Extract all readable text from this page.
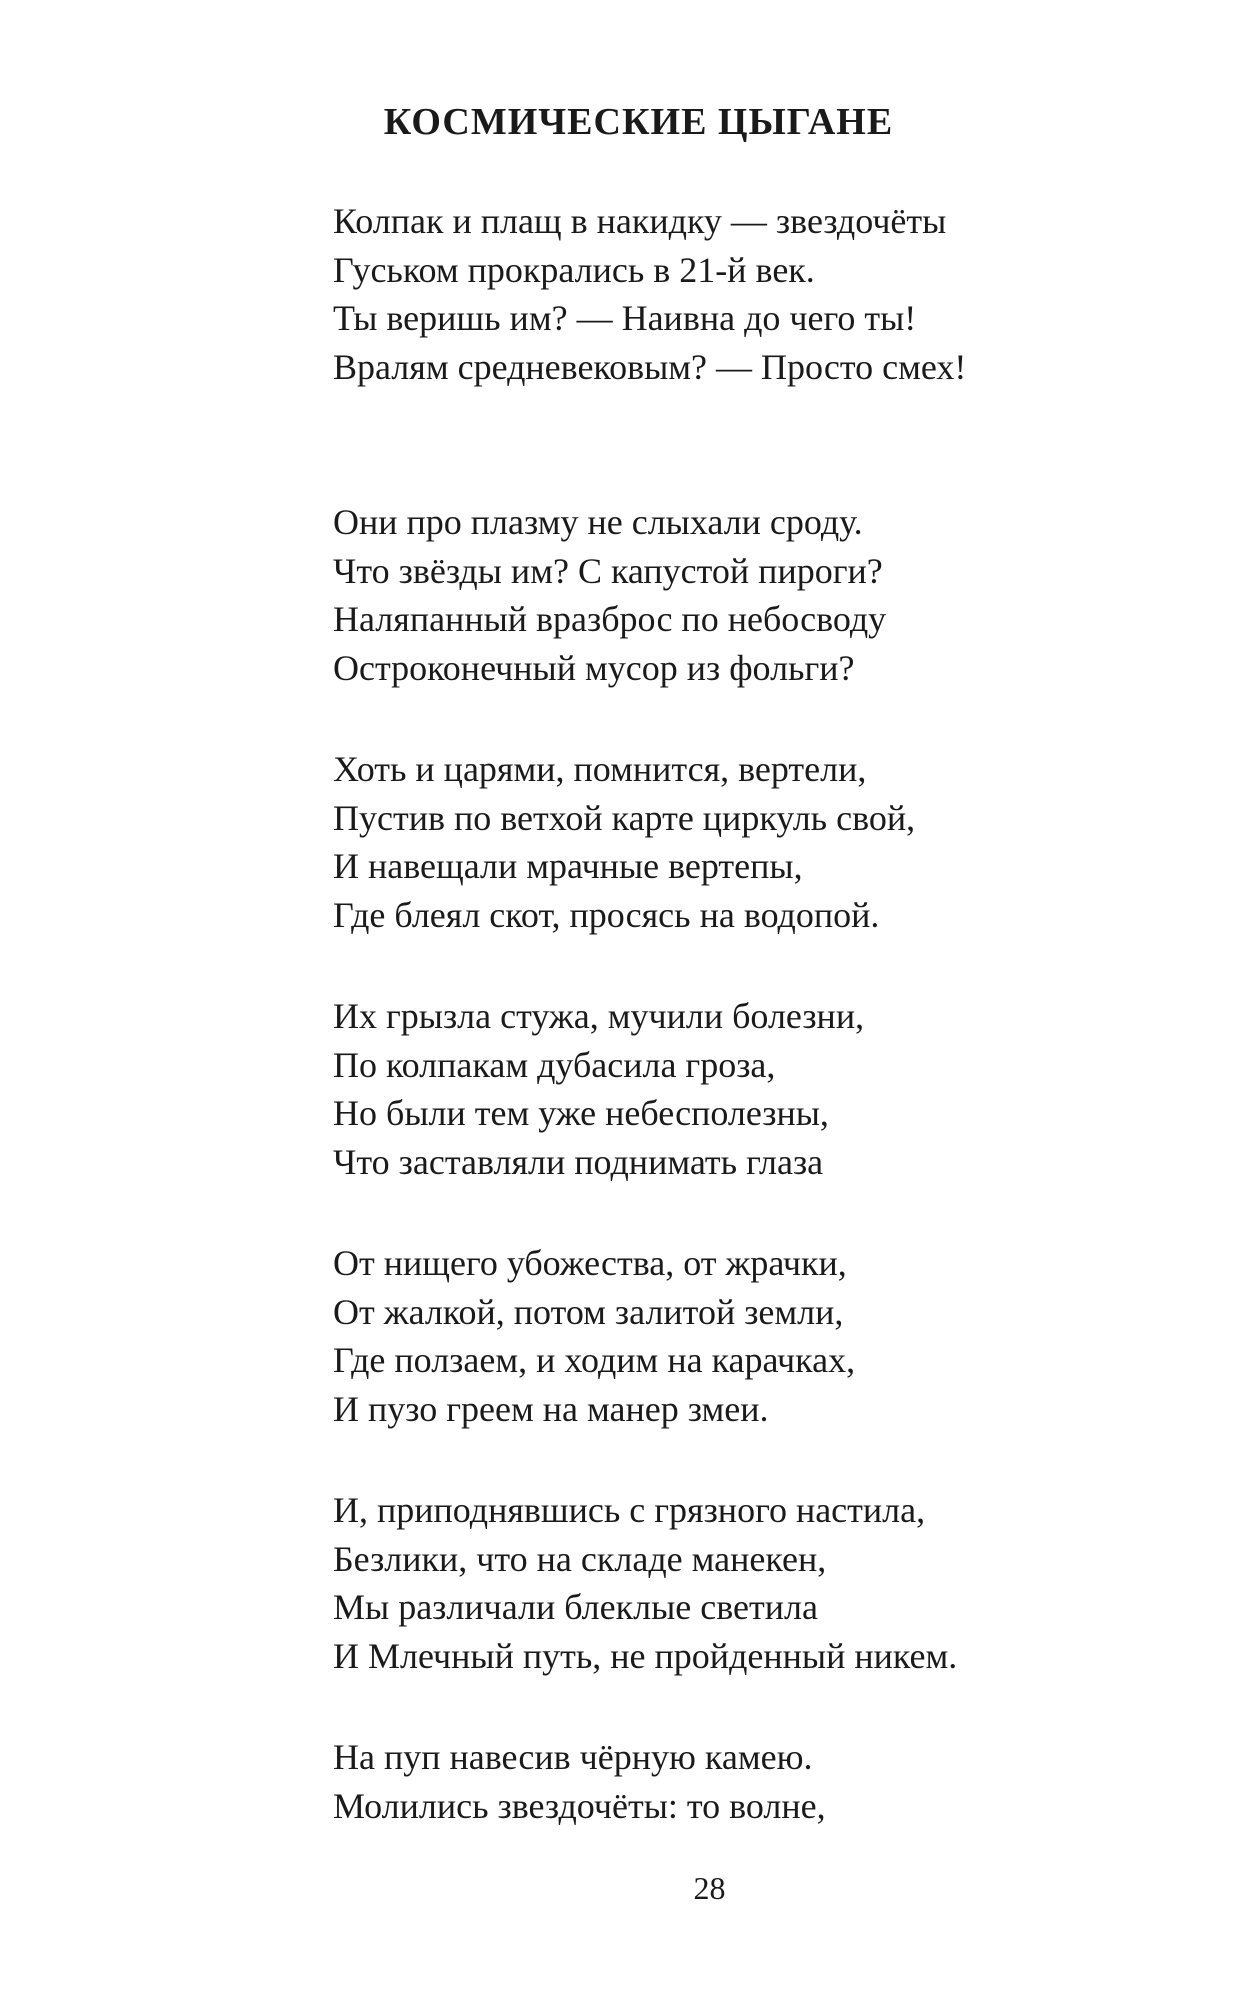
КОСМИЧЕСКИЕ ЦЫГАНЕ
Колпак и плащ в накидку — звездочёты
Гуськом прокрались в 21-й век.
Ты веришь им? — Наивна до чего ты!
Вралям средневековым? — Просто смех!
Они про плазму не слыхали сроду.
Что звёзды им? С капустой пироги?
Наляпанный вразброс по небосводу
Остроконечный мусор из фольги?
Хоть и царями, помнится, вертели,
Пустив по ветхой карте циркуль свой,
И навещали мрачные вертепы,
Где блеял скот, просясь на водопой.
Их грызла стужа, мучили болезни,
По колпакам дубасила гроза,
Но были тем уже небесполезны,
Что заставляли поднимать глаза
От нищего убожества, от жрачки,
От жалкой, потом залитой земли,
Где ползаем, и ходим на карачках,
И пузо греем на манер змеи.
И, приподнявшись с грязного настила,
Безлики, что на складе манекен,
Мы различали блеклые светила
И Млечный путь, не пройденный никем.
На пуп навесив чёрную камею.
Молились звездочёты: то волне,
28
